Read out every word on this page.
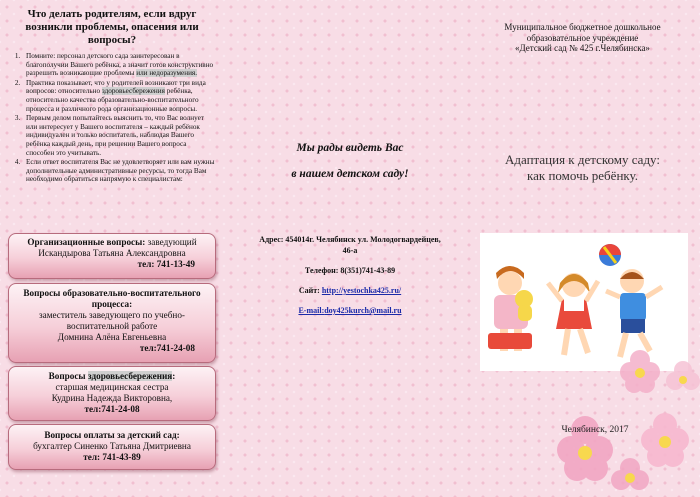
Что делать родителям, если вдруг возникли проблемы, опасения или вопросы?
1. Помните: персонал детского сада заинтересован в благополучии Вашего ребёнка, а значит готов конструктивно разрешить возникающие проблемы или недоразумения.
2. Практика показывает, что у родителей возникают три вида вопросов: относительно здоровьесбережения ребёнка, относительно качества образовательно-воспитательного процесса и различного рода организационные вопросы.
3. Первым делом попытайтесь выяснить то, что Вас волнует или интересует у Вашего воспитателя – каждый ребёнок индивидуален и только воспитатель, наблюдая Вашего ребёнка каждый день, при решении Вашего вопроса способен это учитывать.
4. Если ответ воспитателя Вас не удовлетворяет или вам нужны дополнительные административные ресурсы, то тогда Вам необходимо обратиться напрямую к специалистам:
Организационные вопросы: заведующий
Искандырова Татьяна Александровна
тел: 741-13-49
Вопросы образовательно-воспитательного процесса:
заместитель заведующего по учебно-воспитательной работе
Домнина Алёна Евгеньевна
тел:741-24-08
Вопросы здоровьесбережения:
старшая медицинская сестра
Кудрина Надежда Викторовна,
тел:741-24-08
Вопросы оплаты за детский сад:
бухгалтер Синенко Татьяна Дмитриевна
тел: 741-43-89
Мы рады видеть Вас
в нашем детском саду!

Адрес: 454014г. Челябинск ул. Молодогвардейцев, 46-а

Телефон: 8(351)741-43-89

Сайт: http://yestochka425.ru/

E-mail:doy425kurch@mail.ru

Муниципальное бюджетное дошкольное
образовательное учреждение
«Детский сад № 425 г.Челябинска»
Адаптация к детскому саду:
как помочь ребёнку.
Челябинск, 2017
